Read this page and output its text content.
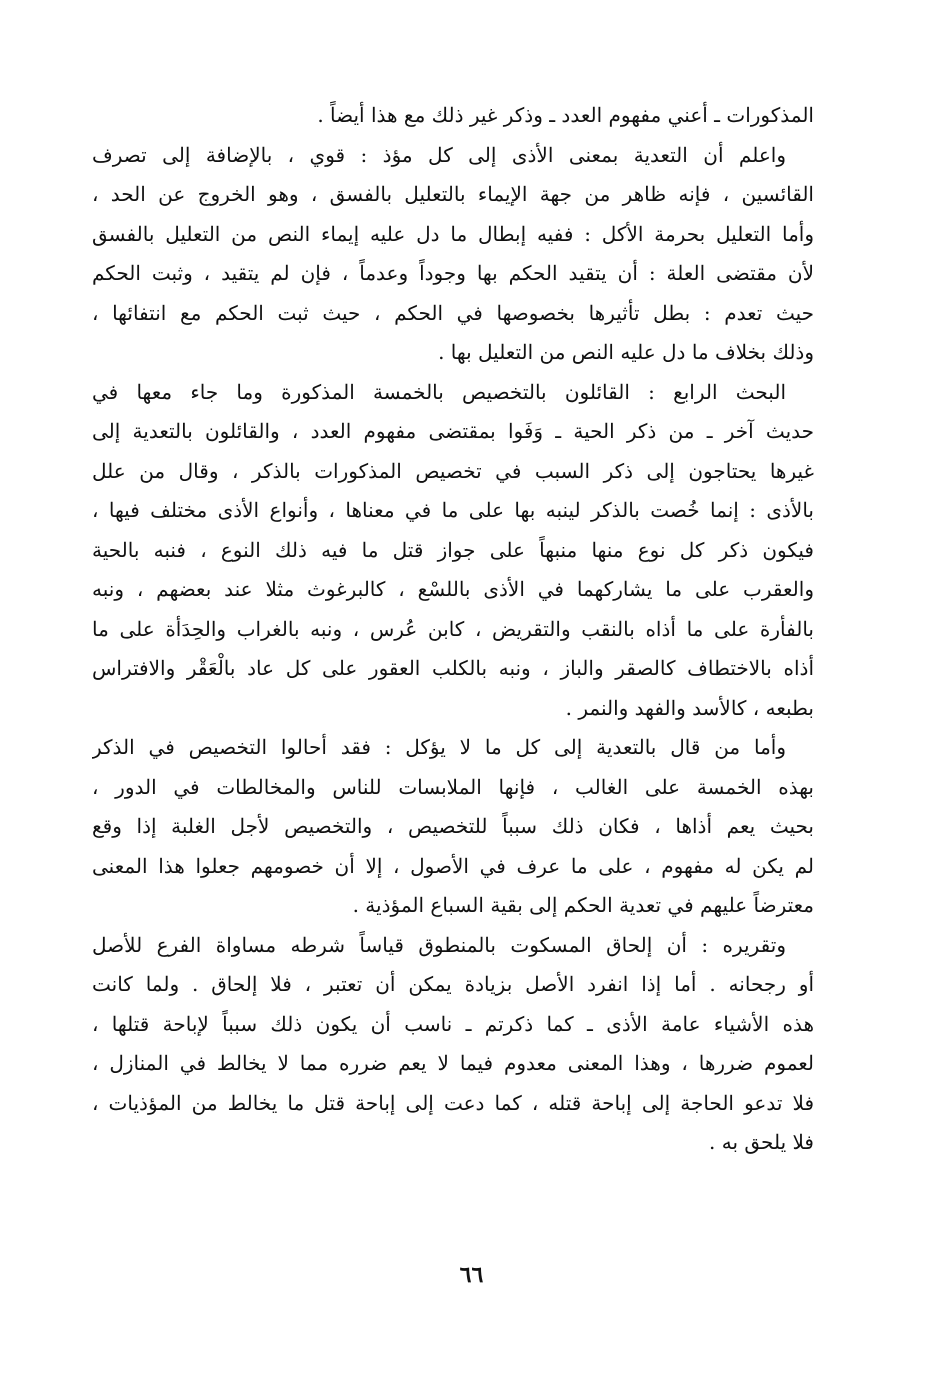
المذكورات ـ أعني مفهوم العدد ـ وذكر غير ذلك مع هذا أيضاً .
واعلم أن التعدية بمعنى الأذى إلى كل مؤذ : قوي ، بالإضافة إلى تصرف
القائسين ، فإنه ظاهر من جهة الإيماء بالتعليل بالفسق ، وهو الخروج عن الحد ،
وأما التعليل بحرمة الأكل : ففيه إبطال ما دل عليه إيماء النص من التعليل بالفسق
لأن مقتضى العلة : أن يتقيد الحكم بها وجوداً وعدماً ، فإن لم يتقيد ، وثبت الحكم
حيث تعدم : بطل تأثيرها بخصوصها في الحكم ، حيث ثبت الحكم مع انتفائها ،
وذلك بخلاف ما دل عليه النص من التعليل بها .
البحث الرابع : القائلون بالتخصيص بالخمسة المذكورة وما جاء معها في
حديث آخر ـ من ذكر الحية ـ وَفَوا بمقتضى مفهوم العدد ، والقائلون بالتعدية إلى
غيرها يحتاجون إلى ذكر السبب في تخصيص المذكورات بالذكر ، وقال من علل
بالأذى : إنما خُصت بالذكر لينبه بها على ما في معناها ، وأنواع الأذى مختلف فيها ،
فيكون ذكر كل نوع منها منبهاً على جواز قتل ما فيه ذلك النوع ، فنبه بالحية
والعقرب على ما يشاركهما في الأذى باللسْع ، كالبرغوث مثلا عند بعضهم ، ونبه
بالفأرة على ما أذاه بالنقب والتقريض ، كابن عُرس ، ونبه بالغراب والحِدَأة على ما
أذاه بالاختطاف كالصقر والباز ، ونبه بالكلب العقور على كل عاد بالْعَقْر والافتراس
بطبعه ، كالأسد والفهد والنمر .
وأما من قال بالتعدية إلى كل ما لا يؤكل : فقد أحالوا التخصيص في الذكر
بهذه الخمسة على الغالب ، فإنها الملابسات للناس والمخالطات في الدور ،
بحيث يعم أذاها ، فكان ذلك سبباً للتخصيص ، والتخصيص لأجل الغلبة إذا وقع
لم يكن له مفهوم ، على ما عرف في الأصول ، إلا أن خصومهم جعلوا هذا المعنى
معترضاً عليهم في تعدية الحكم إلى بقية السباع المؤذية .
وتقريره : أن إلحاق المسكوت بالمنطوق قياساً شرطه مساواة الفرع للأصل
أو رجحانه . أما إذا انفرد الأصل بزيادة يمكن أن تعتبر ، فلا إلحاق . ولما كانت
هذه الأشياء عامة الأذى ـ كما ذكرتم ـ ناسب أن يكون ذلك سبباً لإباحة قتلها ،
لعموم ضررها ، وهذا المعنى معدوم فيما لا يعم ضرره مما لا يخالط في المنازل ،
فلا تدعو الحاجة إلى إباحة قتله ، كما دعت إلى إباحة قتل ما يخالط من المؤذيات ،
فلا يلحق به .
٦٦
